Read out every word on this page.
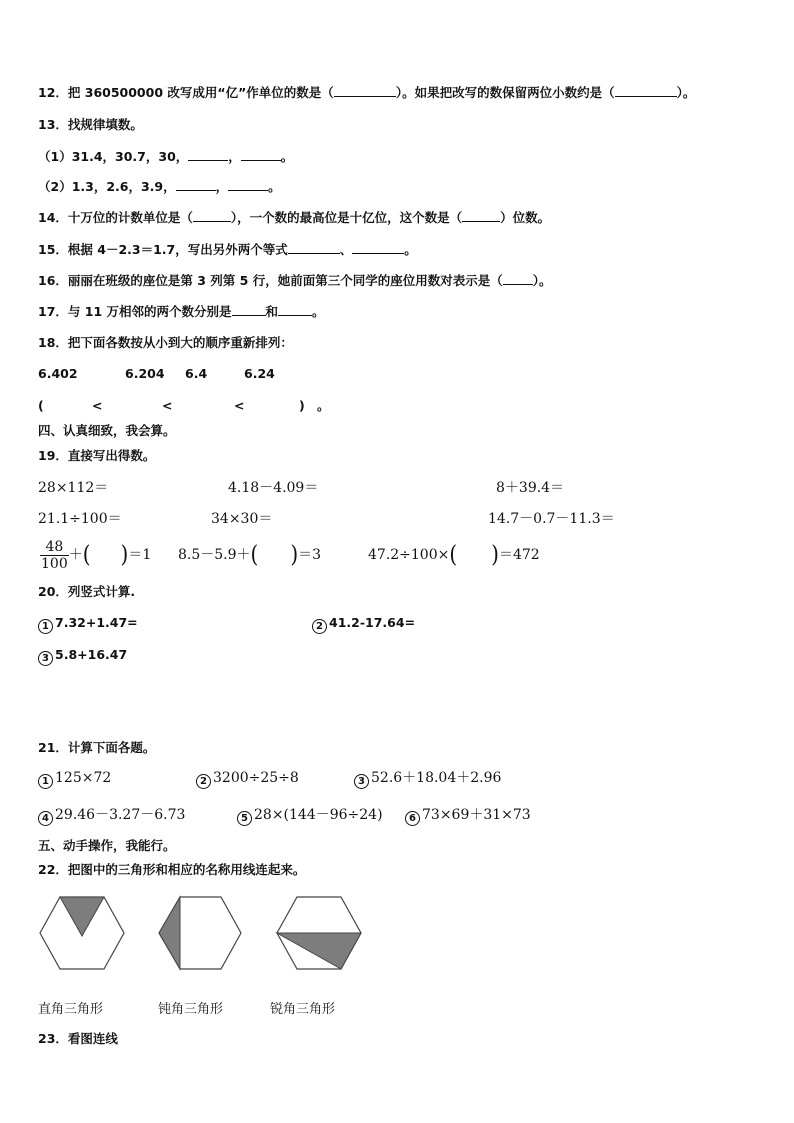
12．把 360500000 改写成用“亿”作单位的数是（	）。如果把改写的数保留两位小数约是（	）。
13．找规律填数。
（1）31.4，30.7，30，	，	。
（2）1.3，2.6，3.9，	，	。
14．十万位的计数单位是（	），一个数的最高位是十亿位，这个数是（	）位数。
15．根据 4－2.3＝1.7，写出另外两个等式	、	。
16．丽丽在班级的座位是第 3 列第 5 行，她前面第三个同学的座位用数对表示是（ ）。
17．与 11 万相邻的两个数分别是	和	。
18．把下面各数按从小到大的顺序重新排列：
6.402	6.204 6.4	6.24
(	<	<	<	) 。
四、认真细致，我会算。
19．直接写出得数。
28×112＝	4.18－4.09＝	8＋39.4＝
21.1÷100＝	34×30＝	14.7－0.7－11.3＝
$\frac{48}{100}$ ＋( )＝1 8.5－5.9＋( )＝3	47.2÷100×( )＝472
20．列竖式计算.
1 7.32+1.47=	2 41.2-17.64=
3 5.8+16.47
21．计算下面各题。
1 125×72	2 3200÷25÷8	3 52.6＋18.04＋2.96
4 29.46－3.27－6.73	5 28×(144－96÷24)	6 73×69＋31×73
五、动手操作，我能行。
22．把图中的三角形和相应的名称用线连起来。
直角三角形	钝角三角形	锐角三角形
23．看图连线
